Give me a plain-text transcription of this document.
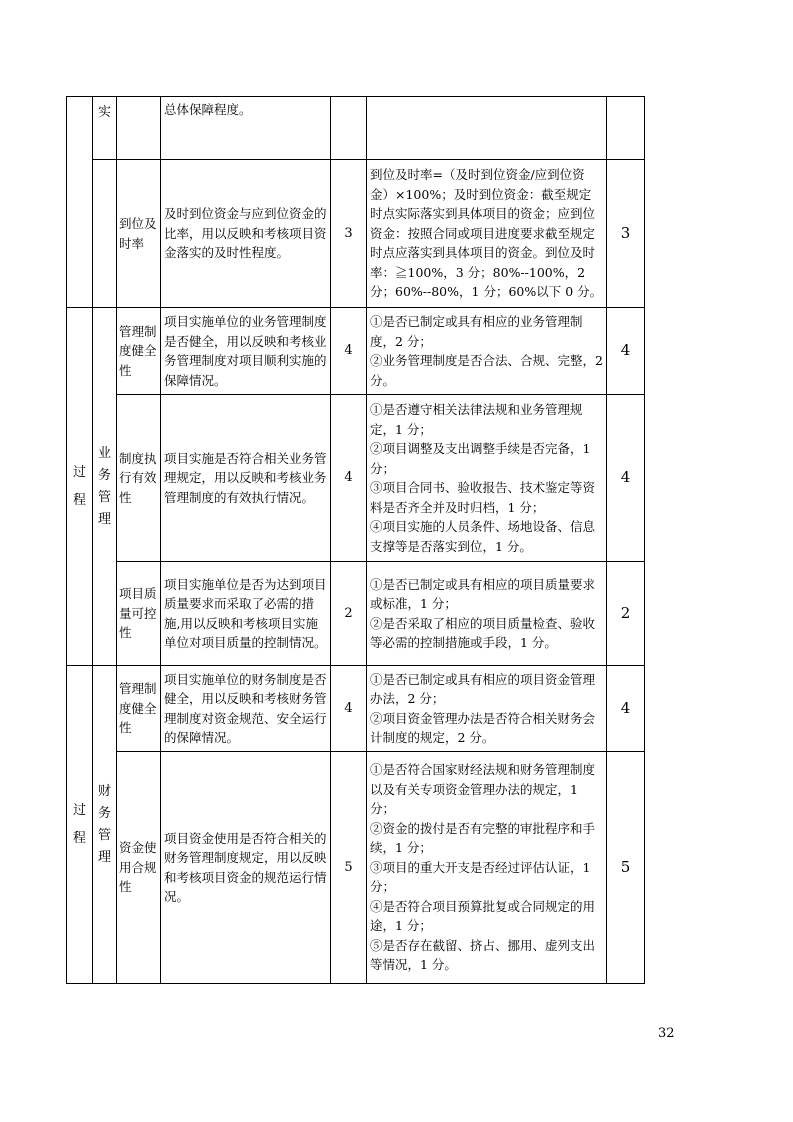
	实		总体保障程度。			
		到位及时率	及时到位资金与应到位资金的比率，用以反映和考核项目资金落实的及时性程度。	3	到位及时率=（及时到位资金/应到位资金）×100%；及时到位资金：截至规定时点实际落实到具体项目的资金；应到位资金：按照合同或项目进度要求截至规定时点应落实到具体项目的资金。到位及时率：≧100%，3 分；80%--100%，2 分；60%--80%，1 分；60%以下 0 分。	3
过程	业务管理	管理制度健全性	项目实施单位的业务管理制度是否健全，用以反映和考核业务管理制度对项目顺利实施的保障情况。	4	①是否已制定或具有相应的业务管理制度，2 分；
②业务管理制度是否合法、合规、完整，2 分。	4
		制度执行有效性	项目实施是否符合相关业务管理规定，用以反映和考核业务管理制度的有效执行情况。	4	①是否遵守相关法律法规和业务管理规定，1 分；
②项目调整及支出调整手续是否完备，1 分；
③项目合同书、验收报告、技术鉴定等资料是否齐全并及时归档，1 分；
④项目实施的人员条件、场地设备、信息支撑等是否落实到位，1 分。	4
		项目质量可控性	项目实施单位是否为达到项目质量要求而采取了必需的措施,用以反映和考核项目实施单位对项目质量的控制情况。	2	①是否已制定或具有相应的项目质量要求或标准，1 分；
②是否采取了相应的项目质量检查、验收等必需的控制措施或手段，1 分。	2
过程	财务管理	管理制度健全性	项目实施单位的财务制度是否健全，用以反映和考核财务管理制度对资金规范、安全运行的保障情况。	4	①是否已制定或具有相应的项目资金管理办法，2 分；
②项目资金管理办法是否符合相关财务会计制度的规定，2 分。	4
		资金使用合规性	项目资金使用是否符合相关的财务管理制度规定，用以反映和考核项目资金的规范运行情况。	5	①是否符合国家财经法规和财务管理制度以及有关专项资金管理办法的规定，1 分；
②资金的拨付是否有完整的审批程序和手续，1 分；
③项目的重大开支是否经过评估认证，1 分；
④是否符合项目预算批复或合同规定的用途，1 分；
⑤是否存在截留、挤占、挪用、虚列支出等情况，1 分。	5
32
